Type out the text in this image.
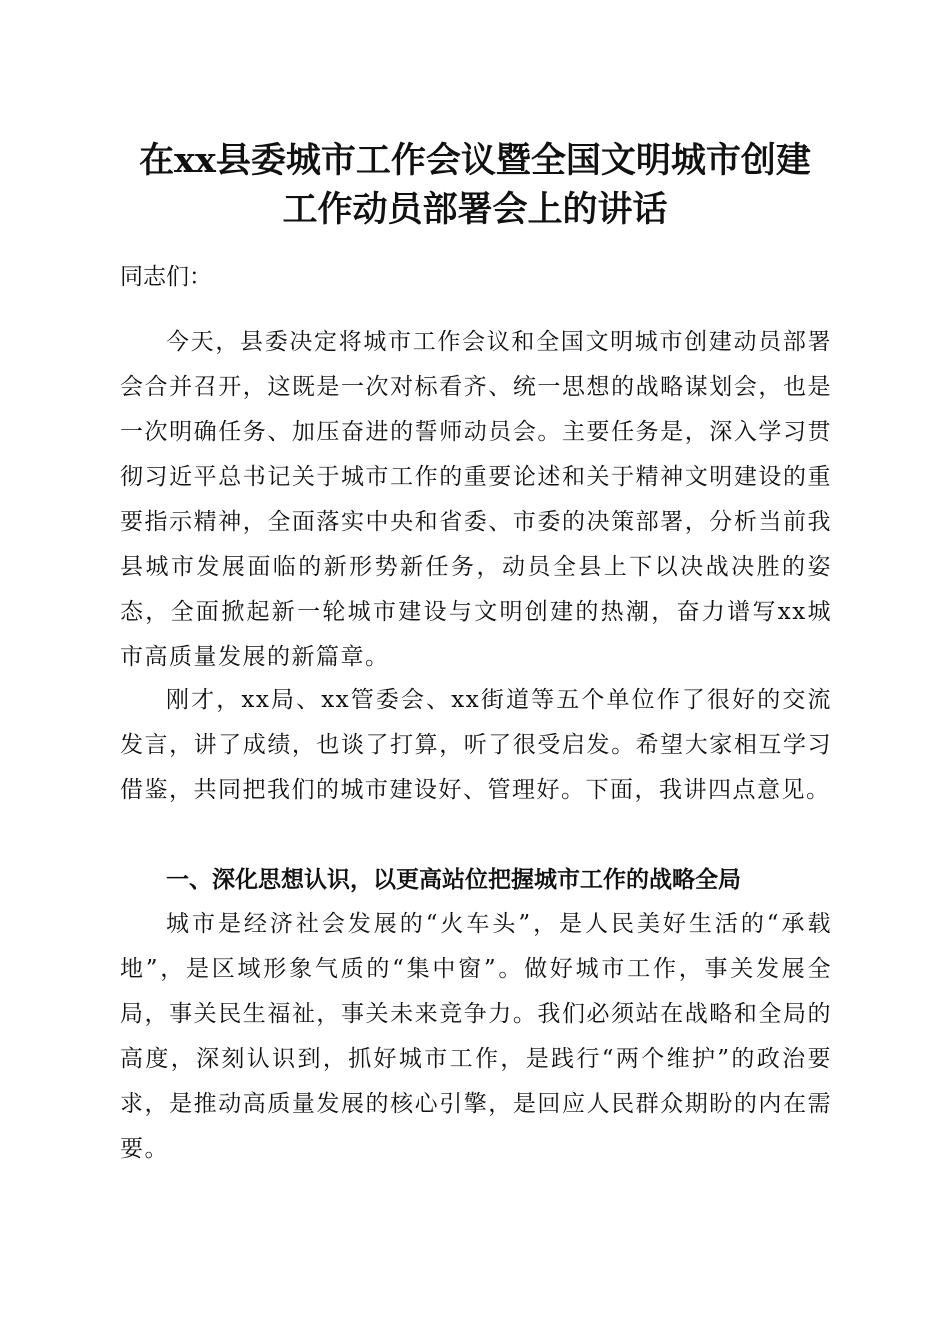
在xx县委城市工作会议暨全国文明城市创建
工作动员部署会上的讲话
同志们：

今天，县委决定将城市工作会议和全国文明城市创建动员部署会合并召开，这既是一次对标看齐、统一思想的战略谋划会，也是一次明确任务、加压奋进的誓师动员会。主要任务是，深入学习贯彻习近平总书记关于城市工作的重要论述和关于精神文明建设的重要指示精神，全面落实中央和省委、市委的决策部署，分析当前我县城市发展面临的新形势新任务，动员全县上下以决战决胜的姿态，全面掀起新一轮城市建设与文明创建的热潮，奋力谱写xx城市高质量发展的新篇章。

刚才，xx局、xx管委会、xx街道等五个单位作了很好的交流发言，讲了成绩，也谈了打算，听了很受启发。希望大家相互学习借鉴，共同把我们的城市建设好、管理好。下面，我讲四点意见。

一、深化思想认识，以更高站位把握城市工作的战略全局

城市是经济社会发展的“火车头”，是人民美好生活的“承载地”，是区域形象气质的“集中窗”。做好城市工作，事关发展全局，事关民生福祉，事关未来竞争力。我们必须站在战略和全局的高度，深刻认识到，抓好城市工作，是践行“两个维护”的政治要求，是推动高质量发展的核心引擎，是回应人民群众期盼的内在需要。
